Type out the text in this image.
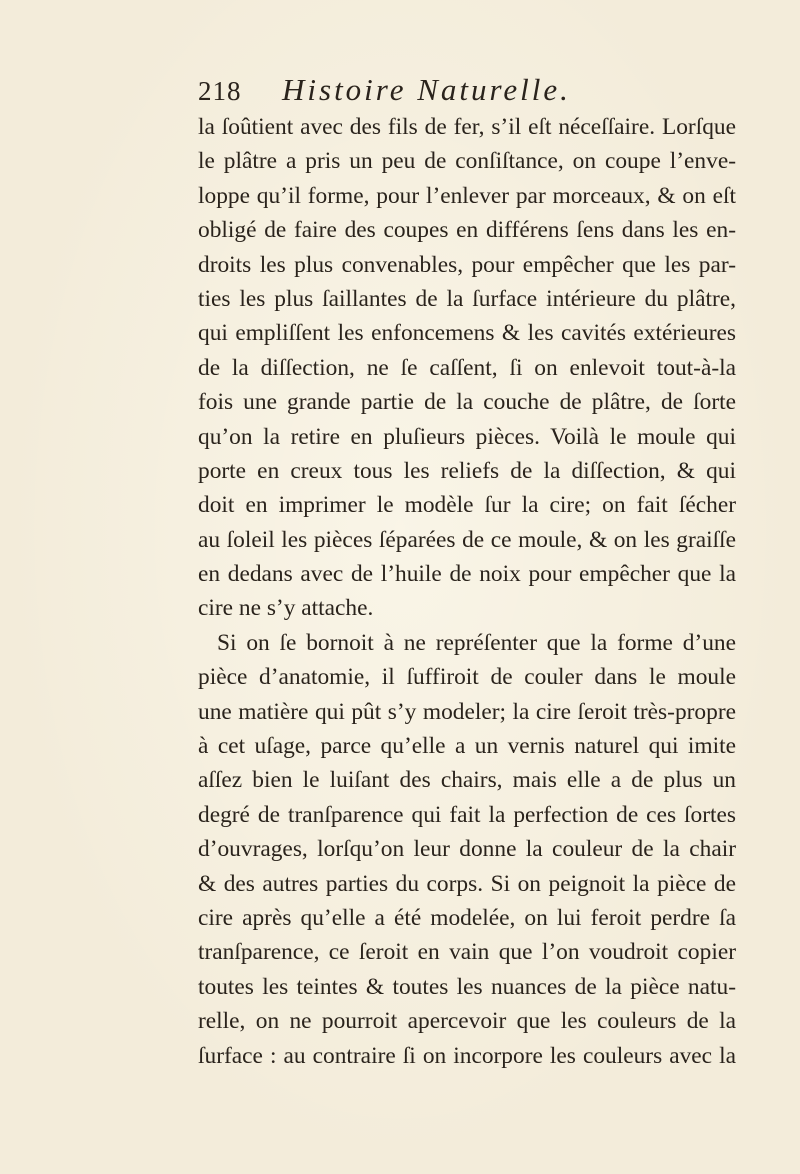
218 Histoire Naturelle.
la ſoûtient avec des fils de fer, s’il eſt néceſſaire. Lorſque
le plâtre a pris un peu de conſiſtance, on coupe l’enve-
loppe qu’il forme, pour l’enlever par morceaux, & on eſt
obligé de faire des coupes en différens ſens dans les en-
droits les plus convenables, pour empêcher que les par-
ties les plus ſaillantes de la ſurface intérieure du plâtre,
qui empliſſent les enfoncemens & les cavités extérieures
de la diſſection, ne ſe caſſent, ſi on enlevoit tout-à-la
fois une grande partie de la couche de plâtre, de ſorte
qu’on la retire en pluſieurs pièces. Voilà le moule qui
porte en creux tous les reliefs de la diſſection, & qui
doit en imprimer le modèle ſur la cire; on fait ſécher
au ſoleil les pièces ſéparées de ce moule, & on les graiſſe
en dedans avec de l’huile de noix pour empêcher que la
cire ne s’y attache.
Si on ſe bornoit à ne repréſenter que la forme d’une
pièce d’anatomie, il ſuffiroit de couler dans le moule
une matière qui pût s’y modeler; la cire ſeroit très-propre
à cet uſage, parce qu’elle a un vernis naturel qui imite
aſſez bien le luiſant des chairs, mais elle a de plus un
degré de tranſparence qui fait la perfection de ces ſortes
d’ouvrages, lorſqu’on leur donne la couleur de la chair
& des autres parties du corps. Si on peignoit la pièce de
cire après qu’elle a été modelée, on lui feroit perdre ſa
tranſparence, ce ſeroit en vain que l’on voudroit copier
toutes les teintes & toutes les nuances de la pièce natu-
relle, on ne pourroit apercevoir que les couleurs de la
ſurface : au contraire ſi on incorpore les couleurs avec la
